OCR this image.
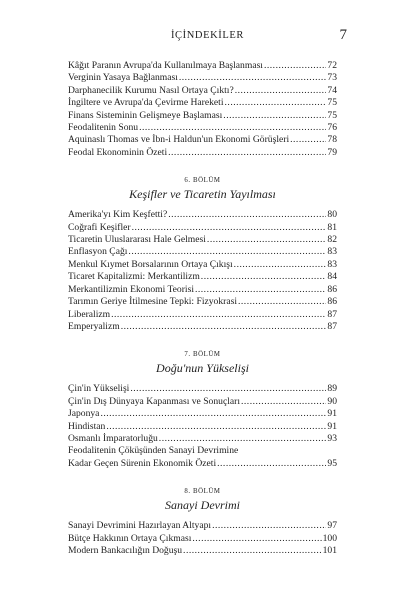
İÇİNDEKİLER	7
Kâğıt Paranın Avrupa'da Kullanılmaya Başlanması .....	72
Verginin Yasaya Bağlanması .....	73
Darphanecilik Kurumu Nasıl Ortaya Çıktı? .....	74
İngiltere ve Avrupa'da Çevirme Hareketi .....	75
Finans Sisteminin Gelişmeye Başlaması .....	75
Feodalitenin Sonu .....	76
Aquinaslı Thomas ve İbn-i Haldun'un Ekonomi Görüşleri .....	78
Feodal Ekonominin Özeti .....	79
6. BÖLÜM
Keşifler ve Ticaretin Yayılması
Amerika'yı Kim Keşfetti? .....	80
Coğrafi Keşifler .....	81
Ticaretin Uluslararası Hale Gelmesi .....	82
Enflasyon Çağı .....	83
Menkul Kıymet Borsalarının Ortaya Çıkışı .....	83
Ticaret Kapitalizmi: Merkantilizm .....	84
Merkantilizmin Ekonomi Teorisi .....	86
Tarımın Geriye İtilmesine Tepki: Fizyokrasi .....	86
Liberalizm .....	87
Emperyalizm .....	87
7. BÖLÜM
Doğu'nun Yükselişi
Çin'in Yükselişi .....	89
Çin'in Dış Dünyaya Kapanması ve Sonuçları .....	90
Japonya .....	91
Hindistan .....	91
Osmanlı İmparatorluğu .....	93
Feodalitenin Çöküşünden Sanayi Devrimine
Kadar Geçen Sürenin Ekonomik Özeti .....	95
8. BÖLÜM
Sanayi Devrimi
Sanayi Devrimini Hazırlayan Altyapı .....	97
Bütçe Hakkının Ortaya Çıkması .....	100
Modern Bankacılığın Doğuşu .....	101
